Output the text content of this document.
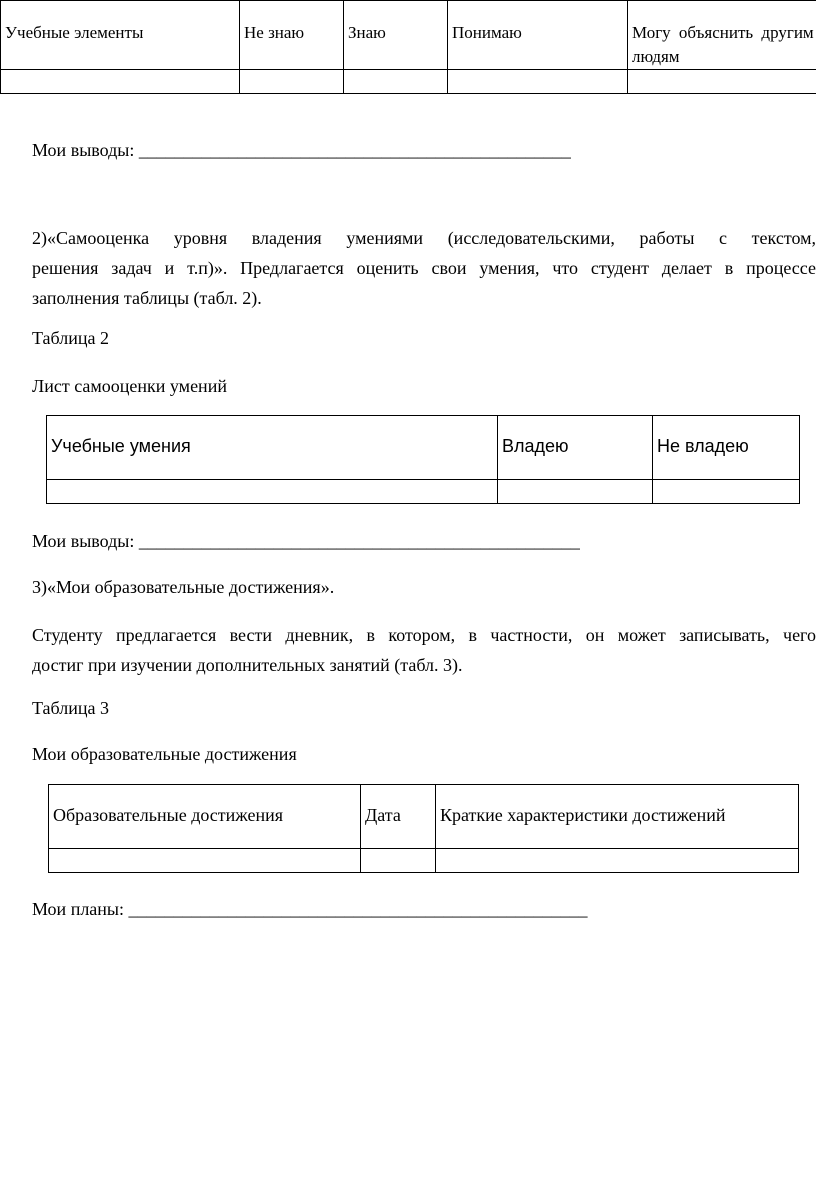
Учебные элементы	Не знаю	Знаю	Понимаю	Могу объяснить другим людям

Мои выводы: ________________________________________________
2)«Самооценка уровня владения умениями (исследовательскими, работы с текстом,
решения задач и т.п)». Предлагается оценить свои умения, что студент делает в процессе
заполнения таблицы (табл. 2).
Таблица 2
Лист самооценки умений
Учебные умения	Владею	Не владею

Мои выводы: _________________________________________________
3)«Мои образовательные достижения».
Студенту предлагается вести дневник, в котором, в частности, он может записывать, чего
достиг при изучении дополнительных занятий (табл. 3).
Таблица 3
Мои образовательные достижения
Образовательные достижения	Дата	Краткие характеристики достижений

Мои планы: ___________________________________________________
